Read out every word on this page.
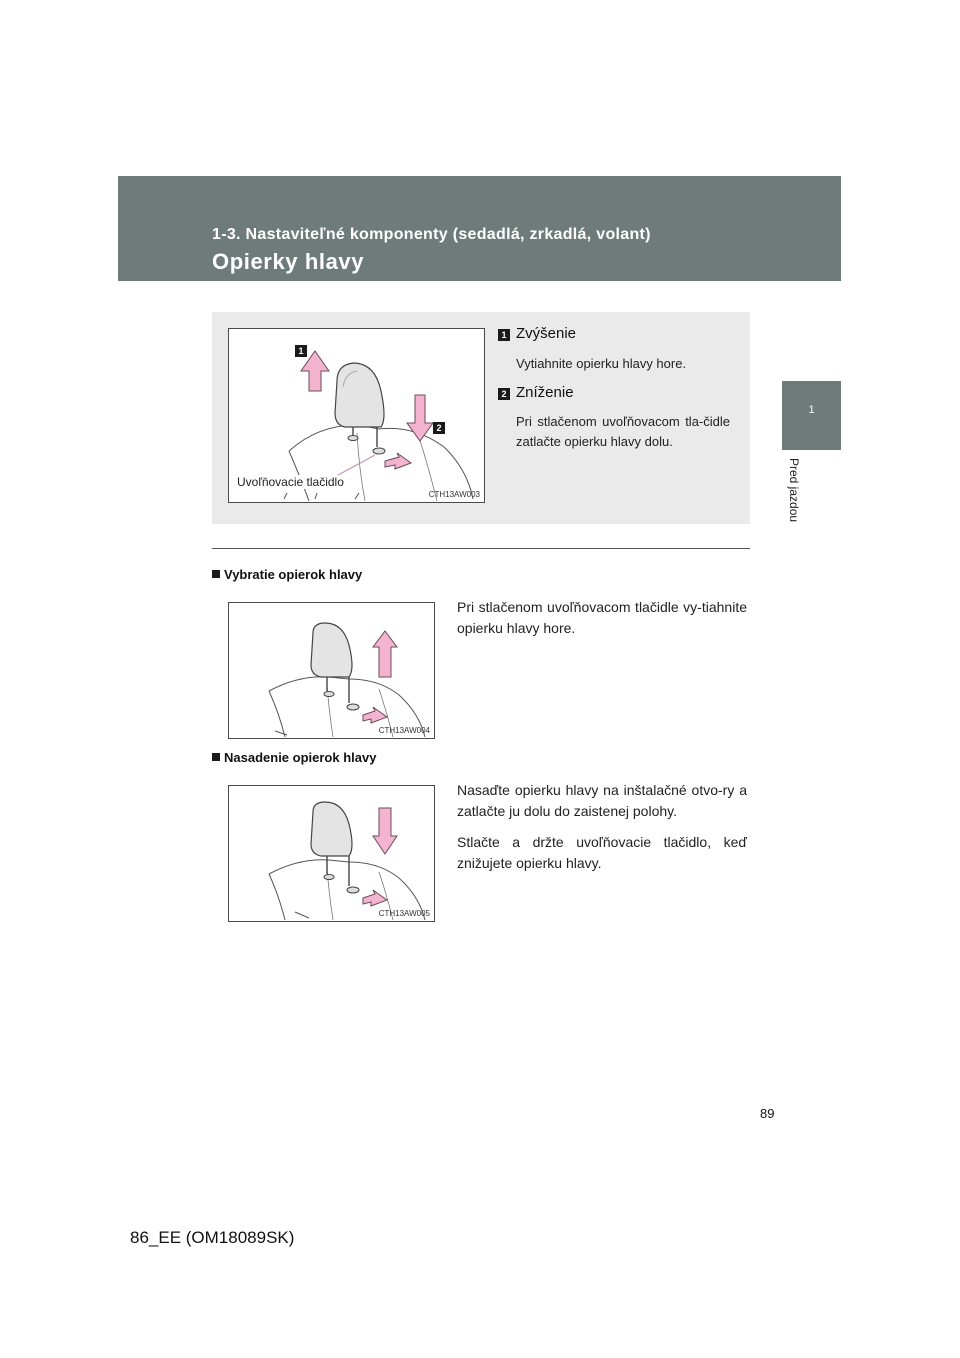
1-3. Nastaviteľné komponenty (sedadlá, zrkadlá, volant)
Opierky hlavy
1
Pred jazdou
1
2
Uvoľňovacie tlačidlo
CTH13AW003
1 Zvýšenie
Vytiahnite opierku hlavy hore.
2 Zníženie
Pri stlačenom uvoľňovacom tla-čidle zatlačte opierku hlavy dolu.
Vybratie opierok hlavy
CTH13AW004
Pri stlačenom uvoľňovacom tlačidle vy-tiahnite opierku hlavy hore.
Nasadenie opierok hlavy
CTH13AW005
Nasaďte opierku hlavy na inštalačné otvo-ry a zatlačte ju dolu do zaistenej polohy.
Stlačte a držte uvoľňovacie tlačidlo, keď znižujete opierku hlavy.
89
86_EE (OM18089SK)
